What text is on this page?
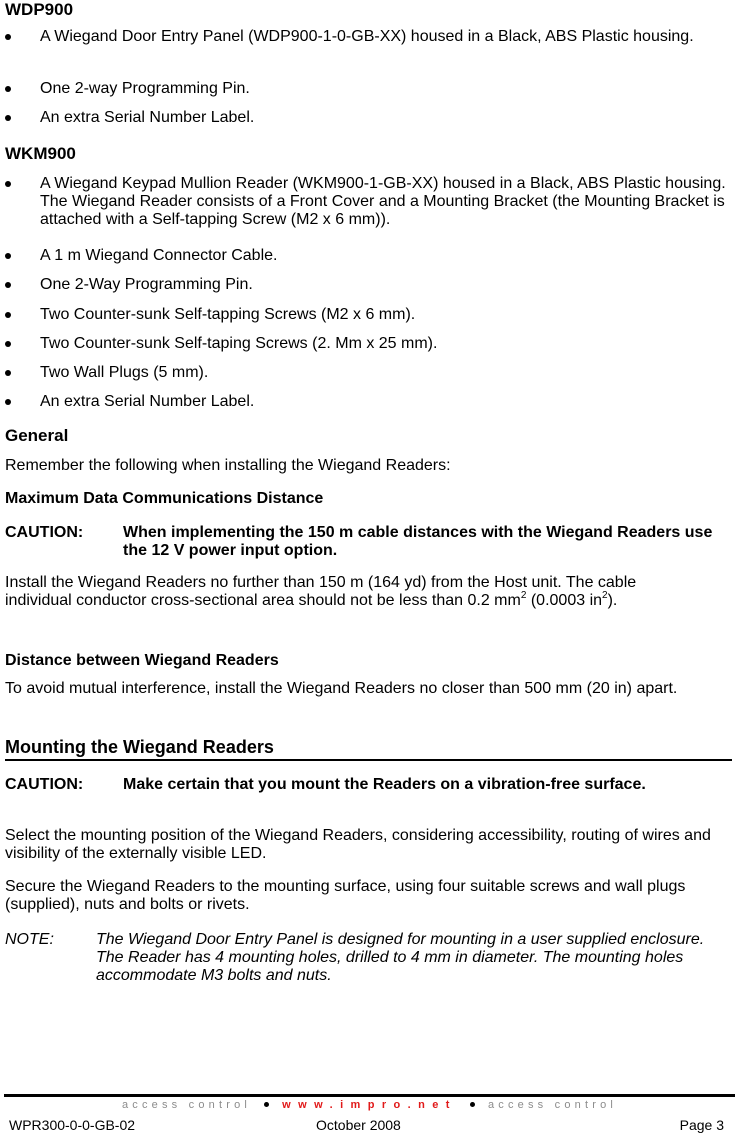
WDP900
A Wiegand Door Entry Panel (WDP900-1-0-GB-XX) housed in a Black, ABS Plastic housing.
One 2-way Programming Pin.
An extra Serial Number Label.
WKM900
A Wiegand Keypad Mullion Reader (WKM900-1-GB-XX) housed in a Black, ABS Plastic housing. The Wiegand Reader consists of a Front Cover and a Mounting Bracket (the Mounting Bracket is attached with a Self-tapping Screw (M2 x 6 mm)).
A 1 m Wiegand Connector Cable.
One 2-Way Programming Pin.
Two Counter-sunk Self-tapping Screws (M2 x 6 mm).
Two Counter-sunk Self-taping Screws (2. Mm x 25 mm).
Two Wall Plugs (5 mm).
An extra Serial Number Label.
General

Remember the following when installing the Wiegand Readers:

Maximum Data Communications Distance
CAUTION: When implementing the 150 m cable distances with the Wiegand Readers use the 12 V power input option.

Install the Wiegand Readers no further than 150 m (164 yd) from the Host unit. The cable individual conductor cross-sectional area should not be less than 0.2 $mm^2$ (0.0003 $in^2$).

Distance between Wiegand Readers

To avoid mutual interference, install the Wiegand Readers no closer than 500 mm (20 in) apart.

Mounting the Wiegand Readers
CAUTION: Make certain that you mount the Readers on a vibration-free surface.

Select the mounting position of the Wiegand Readers, considering accessibility, routing of wires and visibility of the externally visible LED.

Secure the Wiegand Readers to the mounting surface, using four suitable screws and wall plugs (supplied), nuts and bolts or rivets.

NOTE:	The Wiegand Door Entry Panel is designed for mounting in a user supplied enclosure. The Reader has 4 mounting holes, drilled to 4 mm in diameter. The mounting holes accommodate M3 bolts and nuts.
access control	www.impro.net	access control
WPR300-0-0-GB-02	October 2008	Page 3
